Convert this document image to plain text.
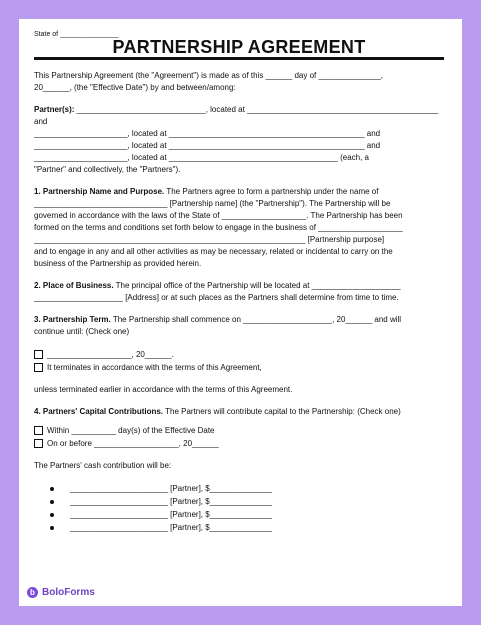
State of _______________

PARTNERSHIP AGREEMENT

This Partnership Agreement (the "Agreement") is made as of this ______ day of ______________,

20______, (the "Effective Date") by and between/among:

Partner(s): _____________________________, located at ___________________________________________ and

_____________________, located at ____________________________________________ and

_____________________, located at ____________________________________________ and

_____________________, located at ______________________________________ (each, a

"Partner" and collectively, the "Partners").

1. Partnership Name and Purpose. The Partners agree to form a partnership under the name of

______________________________ [Partnership name] (the "Partnership"). The Partnership will be

governed in accordance with the laws of the State of ___________________. The Partnership has been

formed on the terms and conditions set forth below to engage in the business of ___________________

_____________________________________________________________ [Partnership purpose]

and to engage in any and all other activities as may be necessary, related or incidental to carry on the

business of the Partnership as provided herein.

2. Place of Business. The principal office of the Partnership will be located at ____________________

____________________ [Address] or at such places as the Partners shall determine from time to time.

3. Partnership Term. The Partnership shall commence on ____________________, 20______ and will

continue until: (Check one)

___________________, 20______.
It terminates in accordance with the terms of this Agreement,

unless terminated earlier in accordance with the terms of this Agreement.

4. Partners' Capital Contributions. The Partners will contribute capital to the Partnership: (Check one)

Within __________ day(s) of the Effective Date
On or before ___________________, 20______

The Partners' cash contribution will be:

______________________ [Partner], $______________
______________________ [Partner], $______________
______________________ [Partner], $______________
______________________ [Partner], $______________
b BoloForms
